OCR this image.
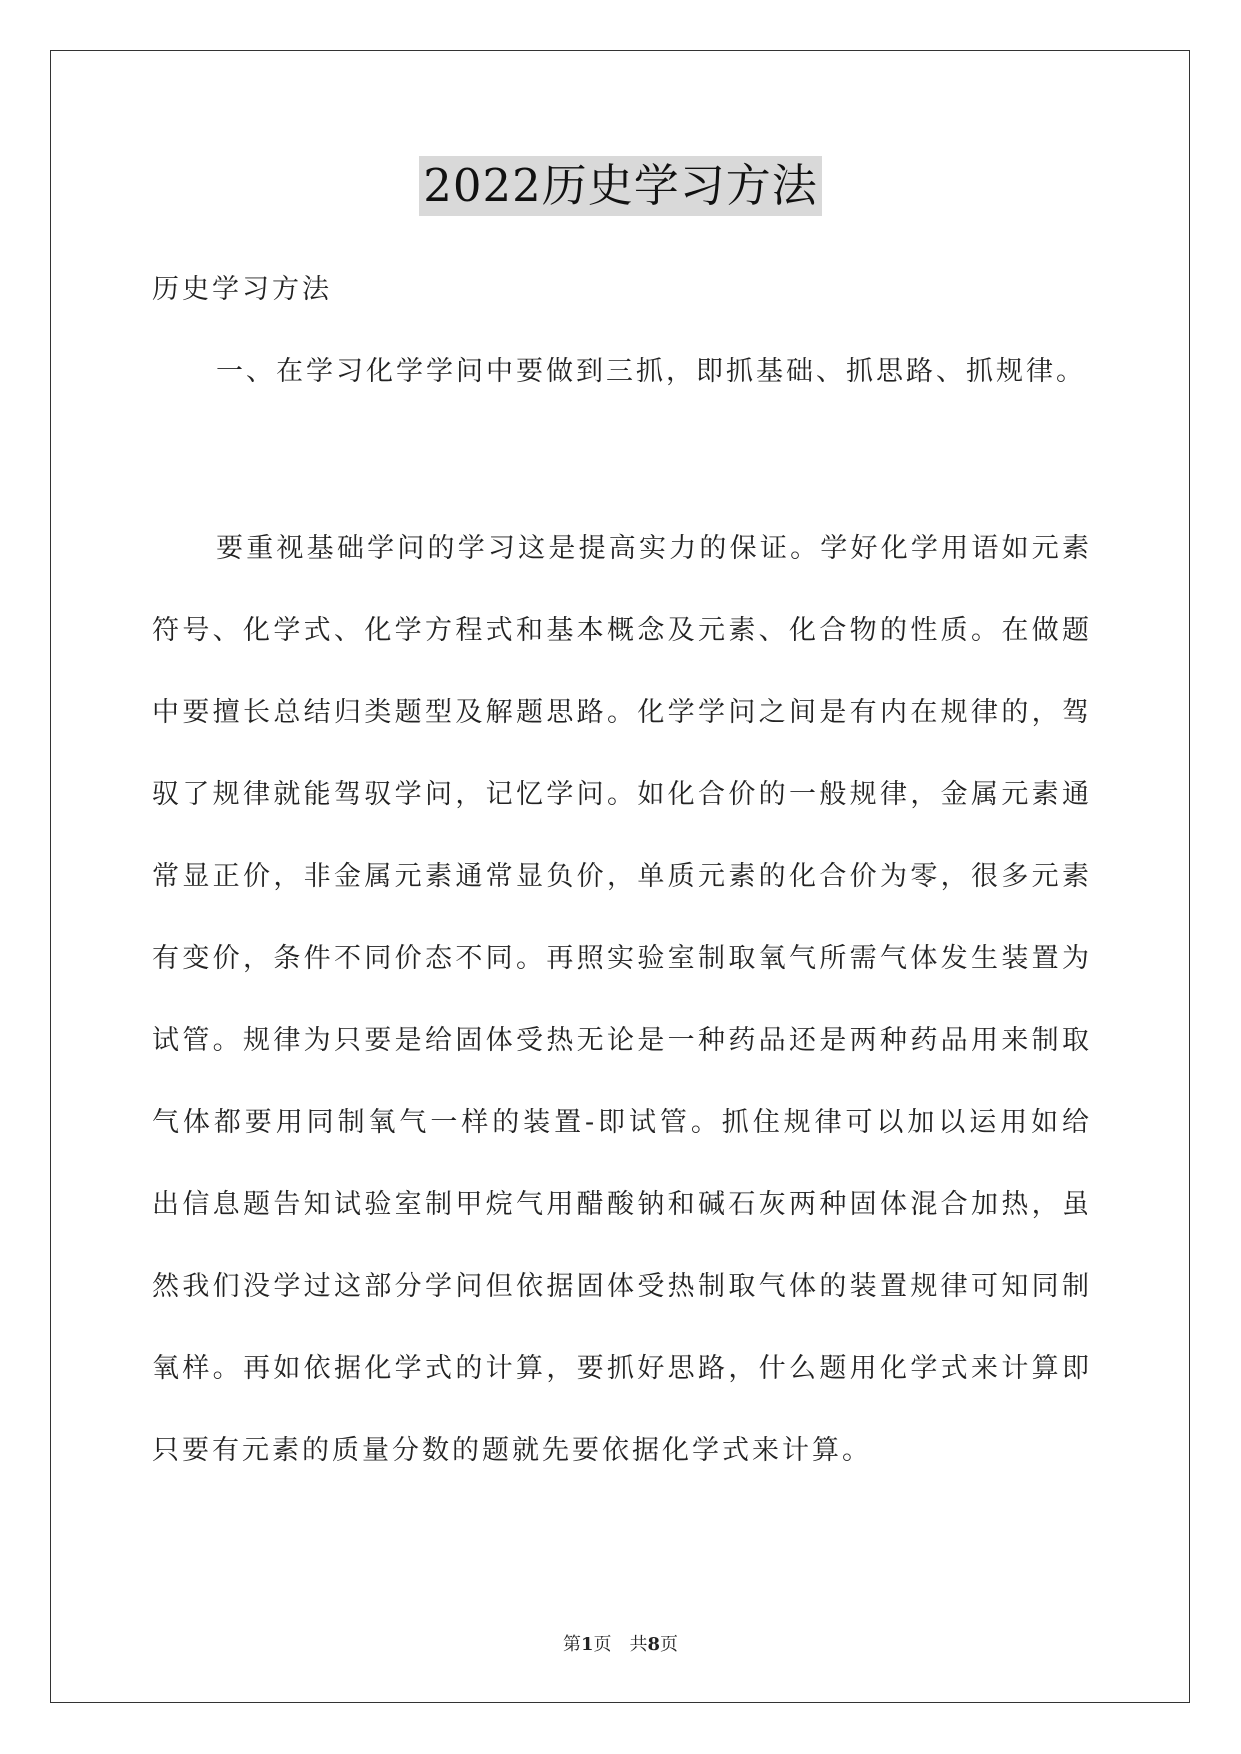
2022历史学习方法
历史学习方法
一、在学习化学学问中要做到三抓，即抓基础、抓思路、抓规律。
要重视基础学问的学习这是提高实力的保证。学好化学用语如元素符号、化学式、化学方程式和基本概念及元素、化合物的性质。在做题中要擅长总结归类题型及解题思路。化学学问之间是有内在规律的，驾驭了规律就能驾驭学问，记忆学问。如化合价的一般规律，金属元素通常显正价，非金属元素通常显负价，单质元素的化合价为零，很多元素有变价，条件不同价态不同。再照实验室制取氧气所需气体发生装置为试管。规律为只要是给固体受热无论是一种药品还是两种药品用来制取气体都要用同制氧气一样的装置-即试管。抓住规律可以加以运用如给出信息题告知试验室制甲烷气用醋酸钠和碱石灰两种固体混合加热，虽然我们没学过这部分学问但依据固体受热制取气体的装置规律可知同制氧样。再如依据化学式的计算，要抓好思路，什么题用化学式来计算即只要有元素的质量分数的题就先要依据化学式来计算。
第1页　共8页
